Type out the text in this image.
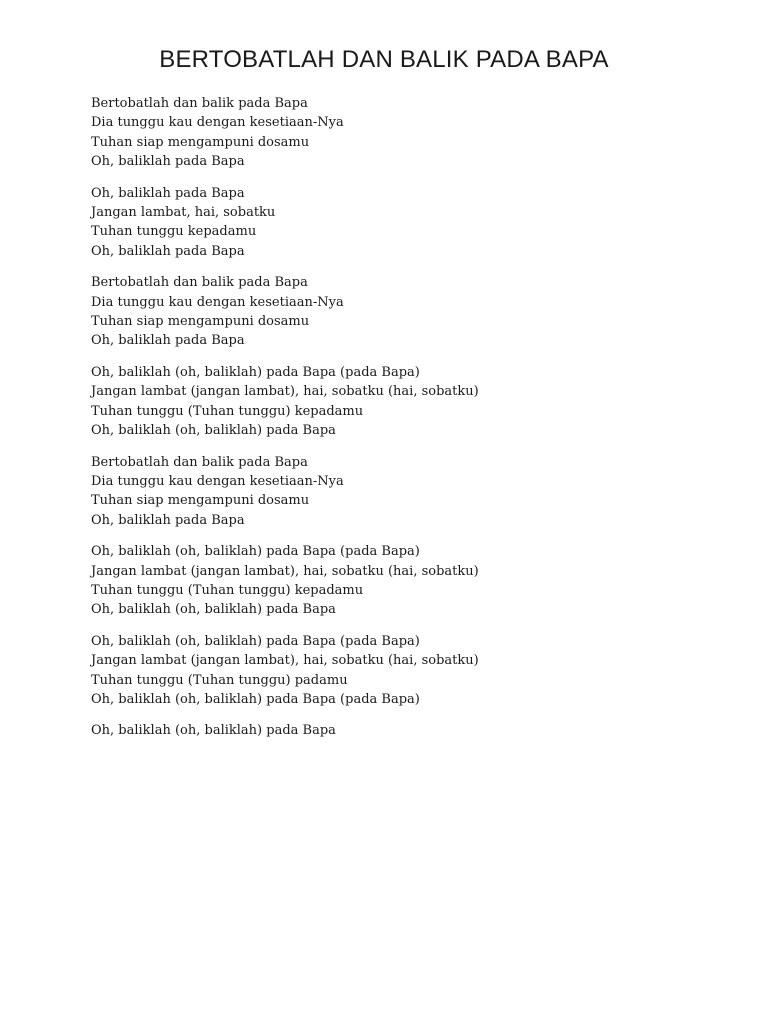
BERTOBATLAH DAN BALIK PADA BAPA
Bertobatlah dan balik pada Bapa
Dia tunggu kau dengan kesetiaan-Nya
Tuhan siap mengampuni dosamu
Oh, baliklah pada Bapa
Oh, baliklah pada Bapa
Jangan lambat, hai, sobatku
Tuhan tunggu kepadamu
Oh, baliklah pada Bapa
Bertobatlah dan balik pada Bapa
Dia tunggu kau dengan kesetiaan-Nya
Tuhan siap mengampuni dosamu
Oh, baliklah pada Bapa
Oh, baliklah (oh, baliklah) pada Bapa (pada Bapa)
Jangan lambat (jangan lambat), hai, sobatku (hai, sobatku)
Tuhan tunggu (Tuhan tunggu) kepadamu
Oh, baliklah (oh, baliklah) pada Bapa
Bertobatlah dan balik pada Bapa
Dia tunggu kau dengan kesetiaan-Nya
Tuhan siap mengampuni dosamu
Oh, baliklah pada Bapa
Oh, baliklah (oh, baliklah) pada Bapa (pada Bapa)
Jangan lambat (jangan lambat), hai, sobatku (hai, sobatku)
Tuhan tunggu (Tuhan tunggu) kepadamu
Oh, baliklah (oh, baliklah) pada Bapa
Oh, baliklah (oh, baliklah) pada Bapa (pada Bapa)
Jangan lambat (jangan lambat), hai, sobatku (hai, sobatku)
Tuhan tunggu (Tuhan tunggu) padamu
Oh, baliklah (oh, baliklah) pada Bapa (pada Bapa)
Oh, baliklah (oh, baliklah) pada Bapa
